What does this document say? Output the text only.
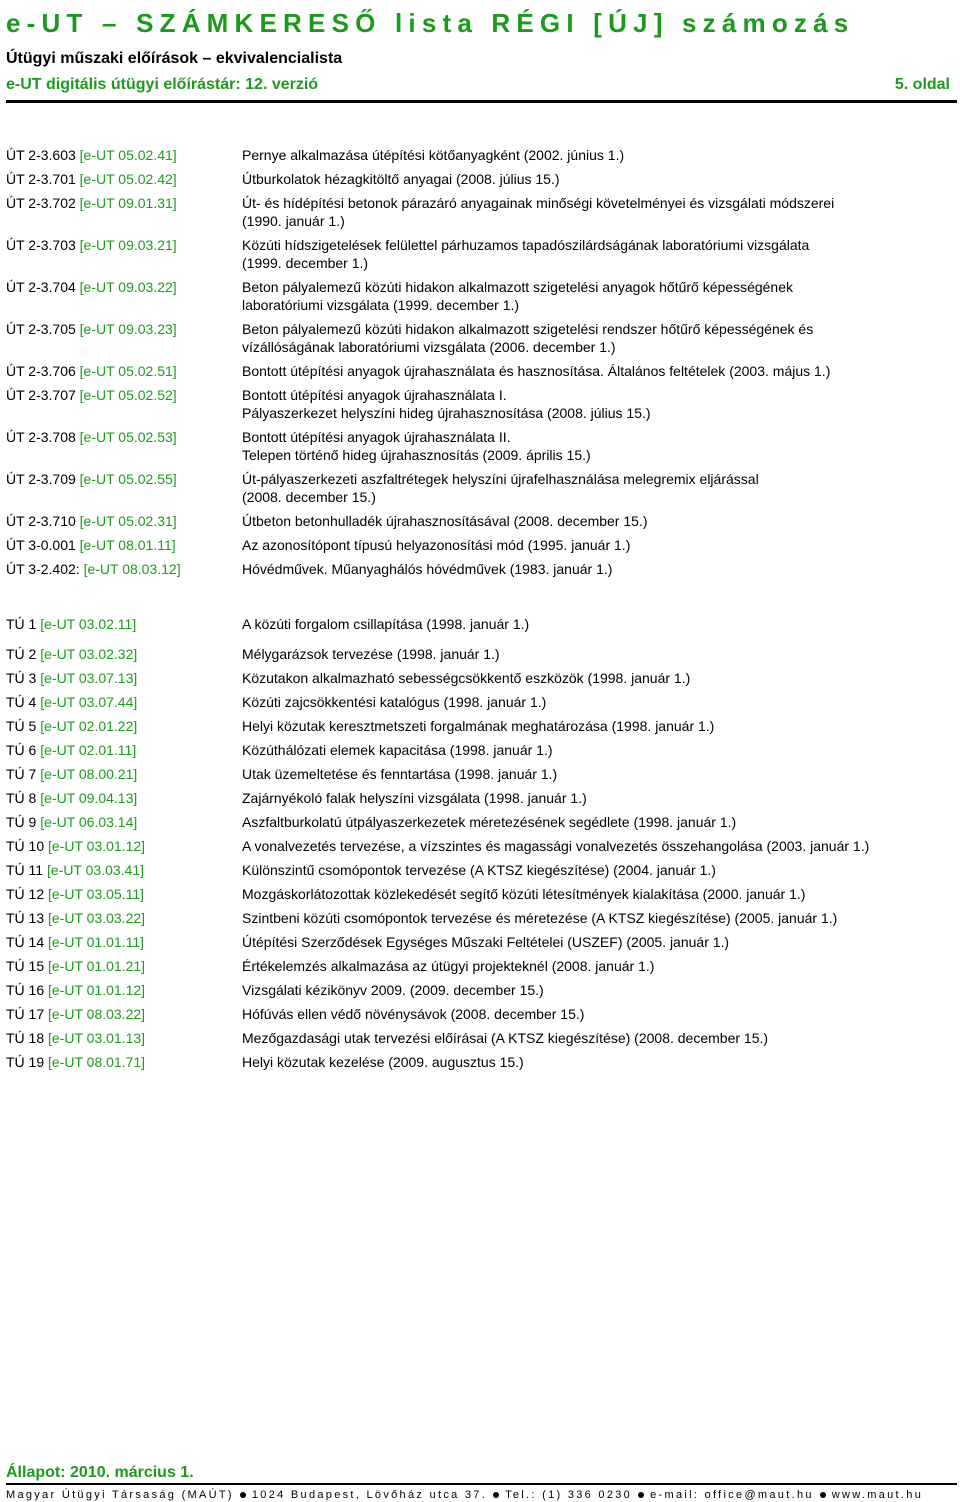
e-UT – SZÁMKERESŐ lista RÉGI [ÚJ] számozás
Útügyi műszaki előírások – ekvivalencialista
e-UT digitális útügyi előírástár: 12. verzió	5. oldal
ÚT 2-3.603 [e-UT 05.02.41]	Pernye alkalmazása útépítési kötőanyagként (2002. június 1.)
ÚT 2-3.701 [e-UT 05.02.42]	Útburkolatok hézagkitöltő anyagai (2008. július 15.)
ÚT 2-3.702 [e-UT 09.01.31]	Út- és hídépítési betonok párazáró anyagainak minőségi követelményei és vizsgálati módszerei
(1990. január 1.)
ÚT 2-3.703 [e-UT 09.03.21]	Közúti hídszigetelések felülettel párhuzamos tapadószilárdságának laboratóriumi vizsgálata
(1999. december 1.)
ÚT 2-3.704 [e-UT 09.03.22]	Beton pályalemezű közúti hidakon alkalmazott szigetelési anyagok hőtűrő képességének
laboratóriumi vizsgálata (1999. december 1.)
ÚT 2-3.705 [e-UT 09.03.23]	Beton pályalemezű közúti hidakon alkalmazott szigetelési rendszer hőtűrő képességének és
vízállóságának laboratóriumi vizsgálata (2006. december 1.)
ÚT 2-3.706 [e-UT 05.02.51]	Bontott útépítési anyagok újrahasználata és hasznosítása. Általános feltételek (2003. május 1.)
ÚT 2-3.707 [e-UT 05.02.52]	Bontott útépítési anyagok újrahasználata I.
Pályaszerkezet helyszíni hideg újrahasznosítása (2008. július 15.)
ÚT 2-3.708 [e-UT 05.02.53]	Bontott útépítési anyagok újrahasználata II.
Telepen történő hideg újrahasznosítás (2009. április 15.)
ÚT 2-3.709 [e-UT 05.02.55]	Út-pályaszerkezeti aszfaltrétegek helyszíni újrafelhasználása melegremix eljárással
(2008. december 15.)
ÚT 2-3.710 [e-UT 05.02.31]	Útbeton betonhulladék újrahasznosításával (2008. december 15.)
ÚT 3-0.001 [e-UT 08.01.11]	Az azonosítópont típusú helyazonosítási mód (1995. január 1.)
ÚT 3-2.402: [e-UT 08.03.12]	Hóvédművek. Műanyaghálós hóvédművek (1983. január 1.)
TÚ 1 [e-UT 03.02.11]	A közúti forgalom csillapítása (1998. január 1.)
TÚ 2 [e-UT 03.02.32]	Mélygarázsok tervezése (1998. január 1.)
TÚ 3 [e-UT 03.07.13]	Közutakon alkalmazható sebességcsökkentő eszközök (1998. január 1.)
TÚ 4 [e-UT 03.07.44]	Közúti zajcsökkentési katalógus (1998. január 1.)
TÚ 5 [e-UT 02.01.22]	Helyi közutak keresztmetszeti forgalmának meghatározása (1998. január 1.)
TÚ 6 [e-UT 02.01.11]	Közúthálózati elemek kapacitása (1998. január 1.)
TÚ 7 [e-UT 08.00.21]	Utak üzemeltetése és fenntartása (1998. január 1.)
TÚ 8 [e-UT 09.04.13]	Zajárnyékoló falak helyszíni vizsgálata (1998. január 1.)
TÚ 9 [e-UT 06.03.14]	Aszfaltburkolatú útpályaszerkezetek méretezésének segédlete (1998. január 1.)
TÚ 10 [e-UT 03.01.12]	A vonalvezetés tervezése, a vízszintes és magassági vonalvezetés összehangolása (2003. január 1.)
TÚ 11 [e-UT 03.03.41]	Különszintű csomópontok tervezése (A KTSZ kiegészítése) (2004. január 1.)
TÚ 12 [e-UT 03.05.11]	Mozgáskorlátozottak közlekedését segítő közúti létesítmények kialakítása (2000. január 1.)
TÚ 13 [e-UT 03.03.22]	Szintbeni közúti csomópontok tervezése és méretezése (A KTSZ kiegészítése) (2005. január 1.)
TÚ 14 [e-UT 01.01.11]	Útépítési Szerződések Egységes Műszaki Feltételei (USZEF) (2005. január 1.)
TÚ 15 [e-UT 01.01.21]	Értékelemzés alkalmazása az útügyi projekteknél (2008. január 1.)
TÚ 16 [e-UT 01.01.12]	Vizsgálati kézikönyv 2009. (2009. december 15.)
TÚ 17 [e-UT 08.03.22]	Hófúvás ellen védő növénysávok (2008. december 15.)
TÚ 18 [e-UT 03.01.13]	Mezőgazdasági utak tervezési előírásai (A KTSZ kiegészítése) (2008. december 15.)
TÚ 19 [e-UT 08.01.71]	Helyi közutak kezelése (2009. augusztus 15.)
Állapot: 2010. március 1.
Magyar Útügyi Társaság (MAÚT) 1024 Budapest, Lövőház utca 37. Tel.: (1) 336 0230 e-mail: office@maut.hu www.maut.hu
